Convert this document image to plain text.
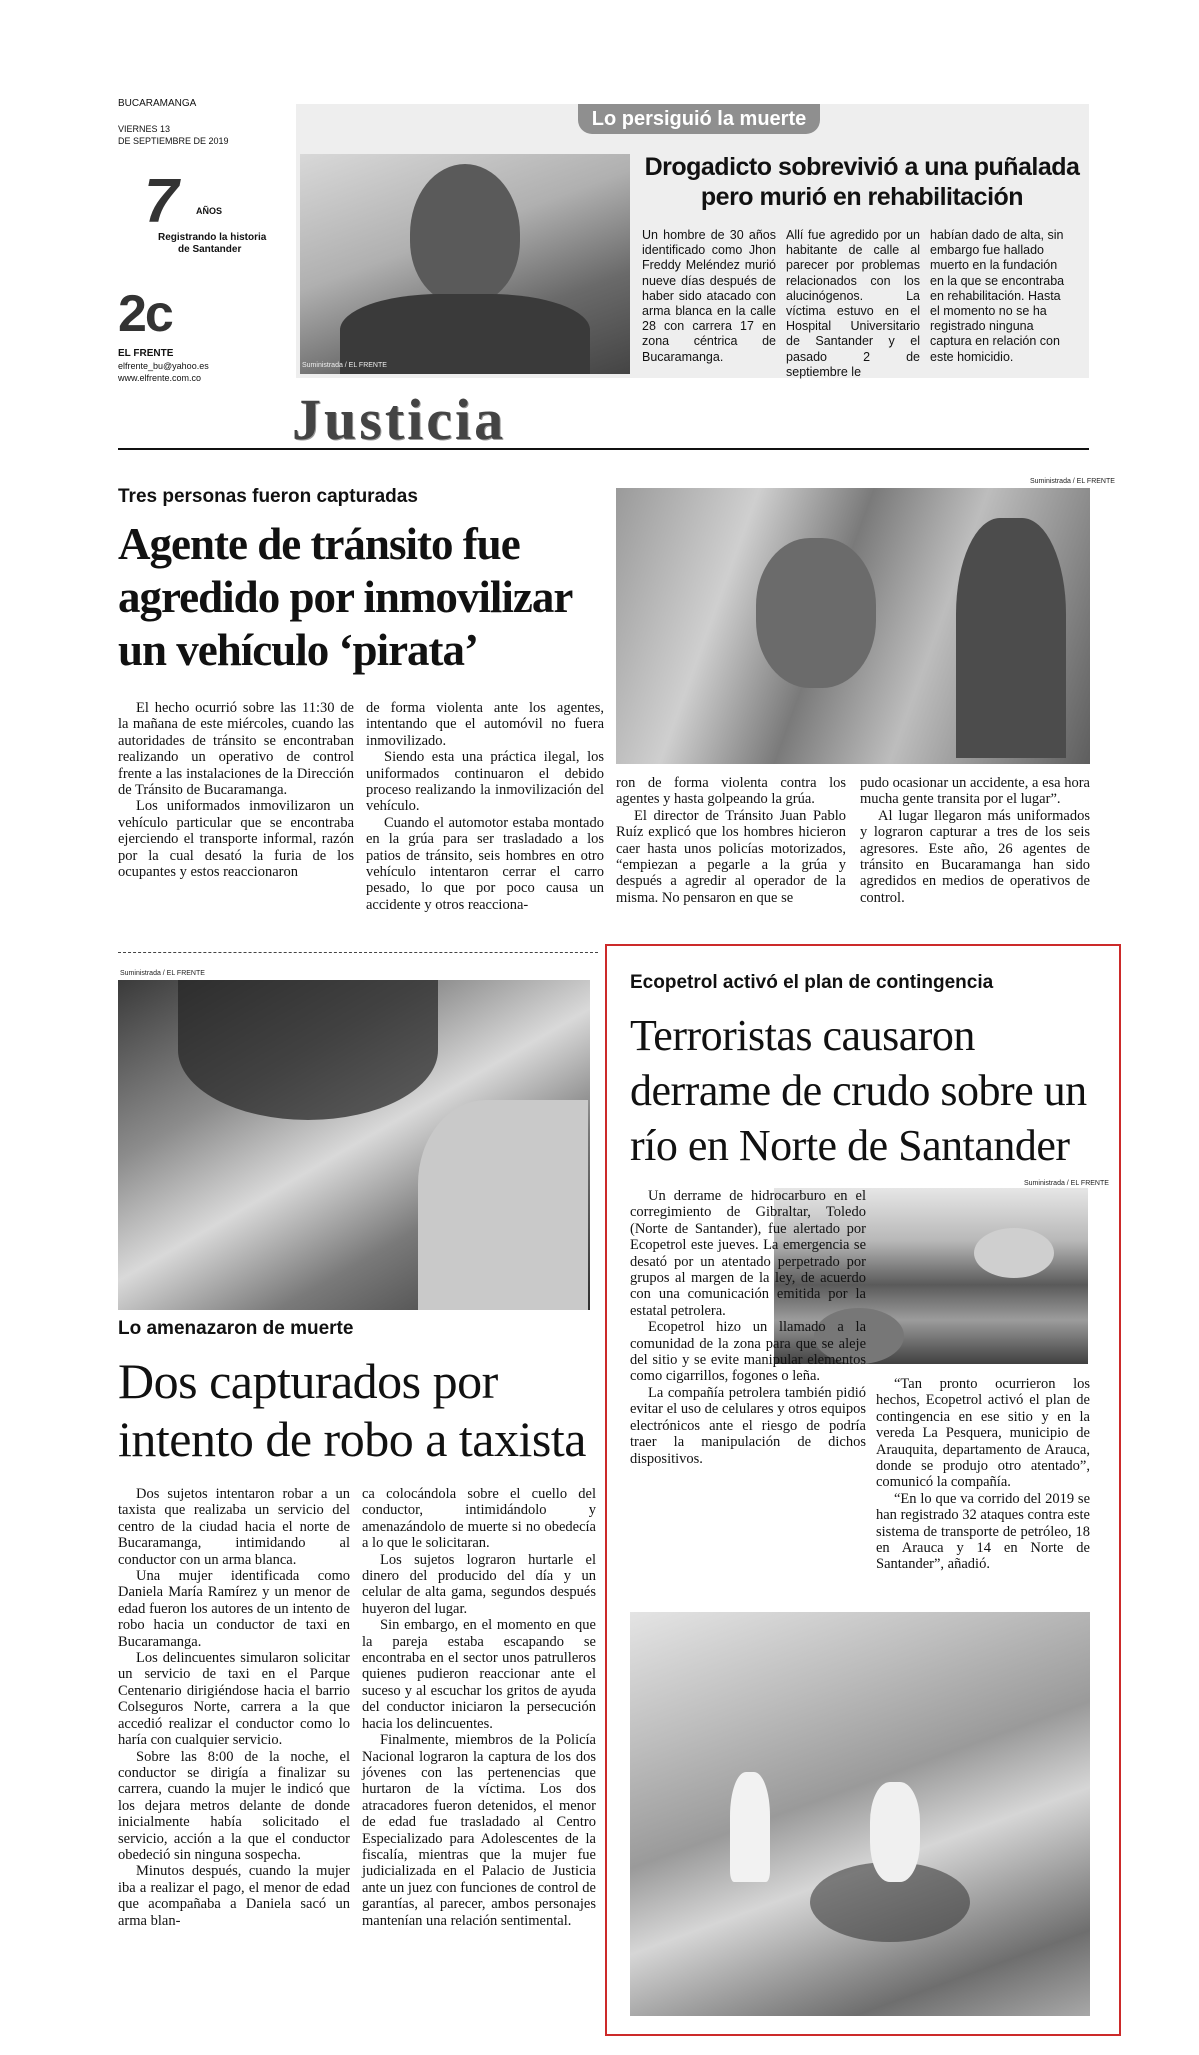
BUCARAMANGA
VIERNES 13
DE SEPTIEMBRE DE 2019
7 AÑOS
Registrando la historia
de Santander
2c
EL FRENTE
elfrente_bu@yahoo.es
www.elfrente.com.co
Lo persiguió la muerte
Suministrada / EL FRENTE
Drogadicto sobrevivió a una puñalada
pero murió en rehabilitación
Un hombre de 30 años identificado como Jhon Freddy Meléndez murió nueve días después de haber sido atacado con arma blanca en la calle 28 con carrera 17 en zona céntrica de Bucaramanga.
Allí fue agredido por un habitante de calle al parecer por problemas relacionados con los alucinógenos. La víctima estuvo en el Hospital Universitario de Santander y el pasado 2 de septiembre le
habían dado de alta, sin embargo fue hallado muerto en la fundación en la que se encontraba en rehabilitación. Hasta el momento no se ha registrado ninguna captura en relación con este homicidio.
Justicia
Tres personas fueron capturadas
Agente de tránsito fue
agredido por inmovilizar
un vehículo ‘pirata’
Suministrada / EL FRENTE

El hecho ocurrió sobre las 11:30 de la mañana de este miércoles, cuando las autoridades de tránsito se encontraban realizando un operativo de control frente a las instalaciones de la Dirección de Tránsito de Bucaramanga.

Los uniformados inmovilizaron un vehículo particular que se encontraba ejerciendo el transporte informal, razón por la cual desató la furia de los ocupantes y estos reaccionaron

de forma violenta ante los agentes, intentando que el automóvil no fuera inmovilizado.

Siendo esta una práctica ilegal, los uniformados continuaron el debido proceso realizando la inmovilización del vehículo.

Cuando el automotor estaba montado en la grúa para ser trasladado a los patios de tránsito, seis hombres en otro vehículo intentaron cerrar el carro pesado, lo que por poco causa un accidente y otros reacciona-

ron de forma violenta contra los agentes y hasta golpeando la grúa.

El director de Tránsito Juan Pablo Ruíz explicó que los hombres hicieron caer hasta unos policías motorizados, “empiezan a pegarle a la grúa y después a agredir al operador de la misma. No pensaron en que se

pudo ocasionar un accidente, a esa hora mucha gente transita por el lugar”.

Al lugar llegaron más uniformados y lograron capturar a tres de los seis agresores. Este año, 26 agentes de tránsito en Bucaramanga han sido agredidos en medios de operativos de control.

Suministrada / EL FRENTE
Lo amenazaron de muerte
Dos capturados por
intento de robo a taxista

Dos sujetos intentaron robar a un taxista que realizaba un servicio del centro de la ciudad hacia el norte de Bucaramanga, intimidando al conductor con un arma blanca.

Una mujer identificada como Daniela María Ramírez y un menor de edad fueron los autores de un intento de robo hacia un conductor de taxi en Bucaramanga.

Los delincuentes simularon solicitar un servicio de taxi en el Parque Centenario dirigiéndose hacia el barrio Colseguros Norte, carrera a la que accedió realizar el conductor como lo haría con cualquier servicio.

Sobre las 8:00 de la noche, el conductor se dirigía a finalizar su carrera, cuando la mujer le indicó que los dejara metros delante de donde inicialmente había solicitado el servicio, acción a la que el conductor obedeció sin ninguna sospecha.

Minutos después, cuando la mujer iba a realizar el pago, el menor de edad que acompañaba a Daniela sacó un arma blan-

ca colocándola sobre el cuello del conductor, intimidándolo y amenazándolo de muerte si no obedecía a lo que le solicitaran.

Los sujetos lograron hurtarle el dinero del producido del día y un celular de alta gama, segundos después huyeron del lugar.

Sin embargo, en el momento en que la pareja estaba escapando se encontraba en el sector unos patrulleros quienes pudieron reaccionar ante el suceso y al escuchar los gritos de ayuda del conductor iniciaron la persecución hacia los delincuentes.

Finalmente, miembros de la Policía Nacional lograron la captura de los dos jóvenes con las pertenencias que hurtaron de la víctima. Los dos atracadores fueron detenidos, el menor de edad fue trasladado al Centro Especializado para Adolescentes de la fiscalía, mientras que la mujer fue judicializada en el Palacio de Justicia ante un juez con funciones de control de garantías, al parecer, ambos personajes mantenían una relación sentimental.

Ecopetrol activó el plan de contingencia
Terroristas causaron
derrame de crudo sobre un
río en Norte de Santander
Suministrada / EL FRENTE

Un derrame de hidrocarburo en el corregimiento de Gibraltar, Toledo (Norte de Santander), fue alertado por Ecopetrol este jueves. La emergencia se desató por un atentado perpetrado por grupos al margen de la ley, de acuerdo con una comunicación emitida por la estatal petrolera.

Ecopetrol hizo un llamado a la comunidad de la zona para que se aleje del sitio y se evite manipular elementos como cigarrillos, fogones o leña.

La compañía petrolera también pidió evitar el uso de celulares y otros equipos electrónicos ante el riesgo de podría traer la manipulación de dichos dispositivos.

“Tan pronto ocurrieron los hechos, Ecopetrol activó el plan de contingencia en ese sitio y en la vereda La Pesquera, municipio de Arauquita, departamento de Arauca, donde se produjo otro atentado”, comunicó la compañía.

“En lo que va corrido del 2019 se han registrado 32 ataques contra este sistema de transporte de petróleo, 18 en Arauca y 14 en Norte de Santander”, añadió.
